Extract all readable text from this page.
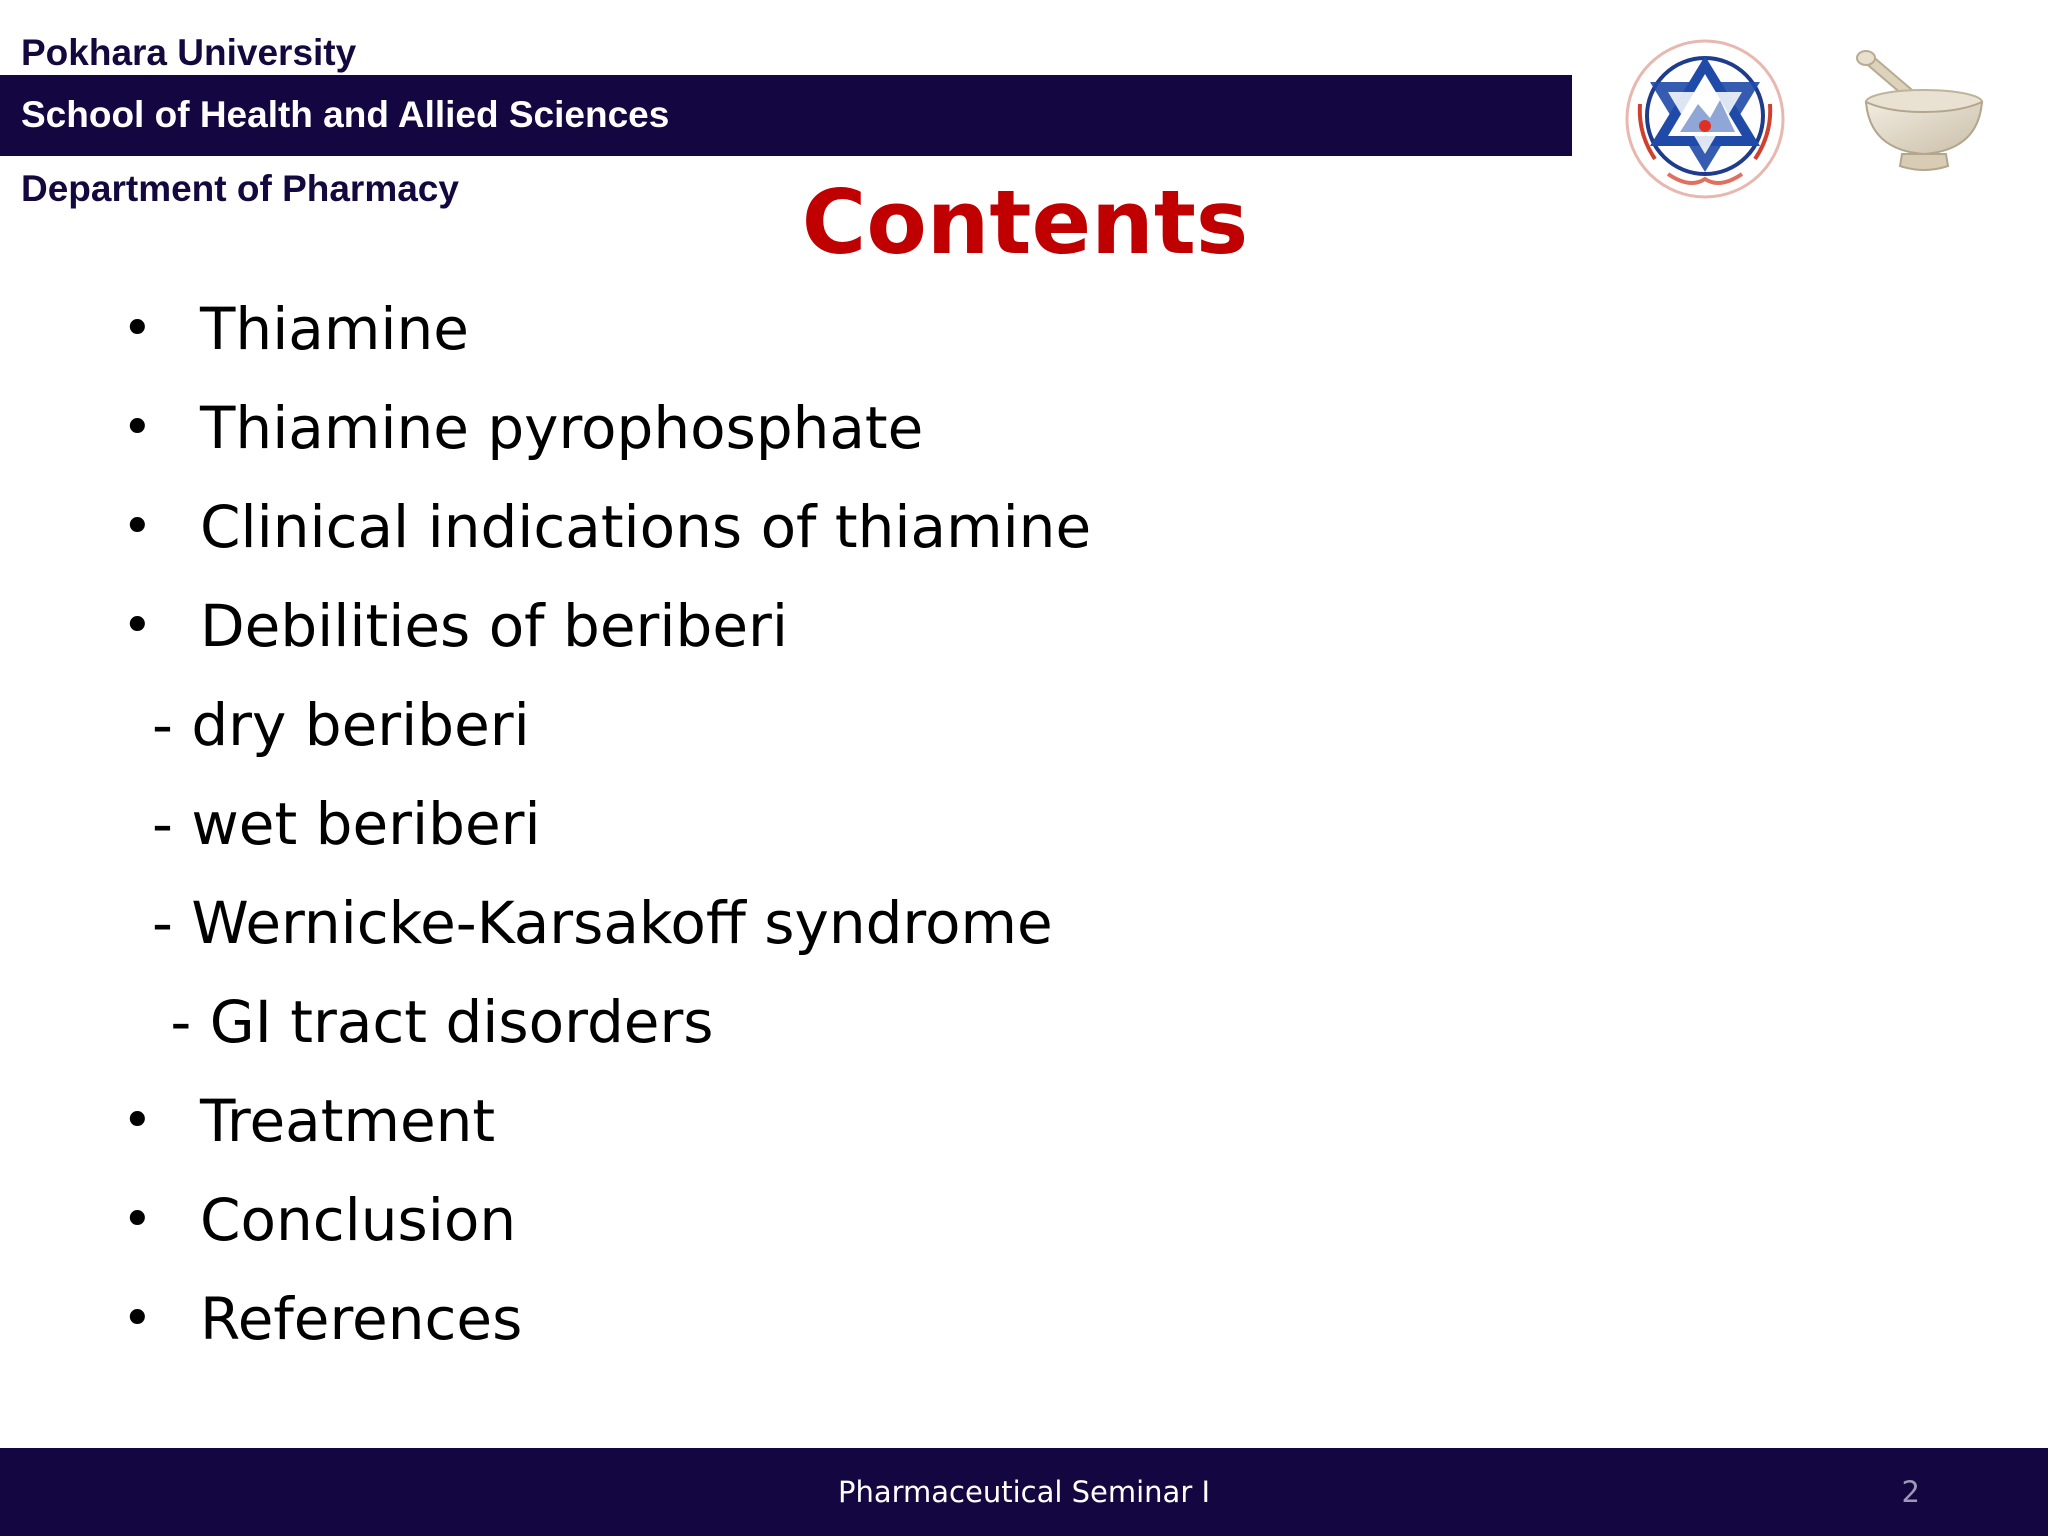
Pokhara University
School of Health and Allied Sciences
Department of Pharmacy	Contents
• Thiamine
• Thiamine pyrophosphate
• Clinical indications of thiamine
• Debilities of beriberi
- dry beriberi
- wet beriberi
- Wernicke-Karsakoff syndrome
- GI tract disorders
• Treatment
• Conclusion
• References
Pharmaceutical Seminar I	2
